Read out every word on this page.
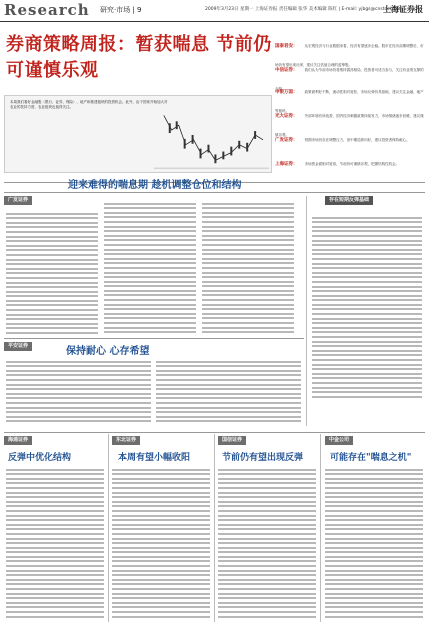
Research 研究·市场 | 9	2009年3月23日 星期一 上海证券报 责任编辑 张华 美术编辑 陈红 | E-mail: yjbgs@cnstock.com
上海证券报
券商策略周报：暂获喘息 节前仍可谨慎乐观
本周我们看好金融股（银行、证券、保险）、地产和基建板块的投资机会。此外，由于国家开始加大对农业的扶持力度，农业板块也值得关注。
国泰君安： 从宏观经济与行业数据来看，经济有望逐步企稳。股市在经历前期调整后，市场仍有望出现反弹，建议关注估值合理的蓝筹股。
中信证券： 我们认为节前市场仍将维持震荡格局，投资者可适当参与，关注有业绩支撑的个股。
申银万国： 政策面利好不断，流动性相对宽松，市场反弹仍具基础，建议关注金融、地产等板块。
光大证券： 外部环境有所改善，国内经济刺激政策持续发力，市场情绪逐步回暖，建议谨慎乐观。
广发证券： 短期市场仍存在调整压力，但中期趋势向好，建议投资者保持耐心。
上海证券： 市场资金面相对宽裕，节前仍可谨慎乐观，把握结构性机会。
迎来难得的喘息期 趁机调整仓位和结构
广发证券	存在短期反弹基础
平安证券	保持耐心 心存希望
海通证券	东北证券	国信证券	中金公司
反弹中优化结构	本周有望小幅收阳	节前仍有望出现反弹	可能存在"喘息之机"
